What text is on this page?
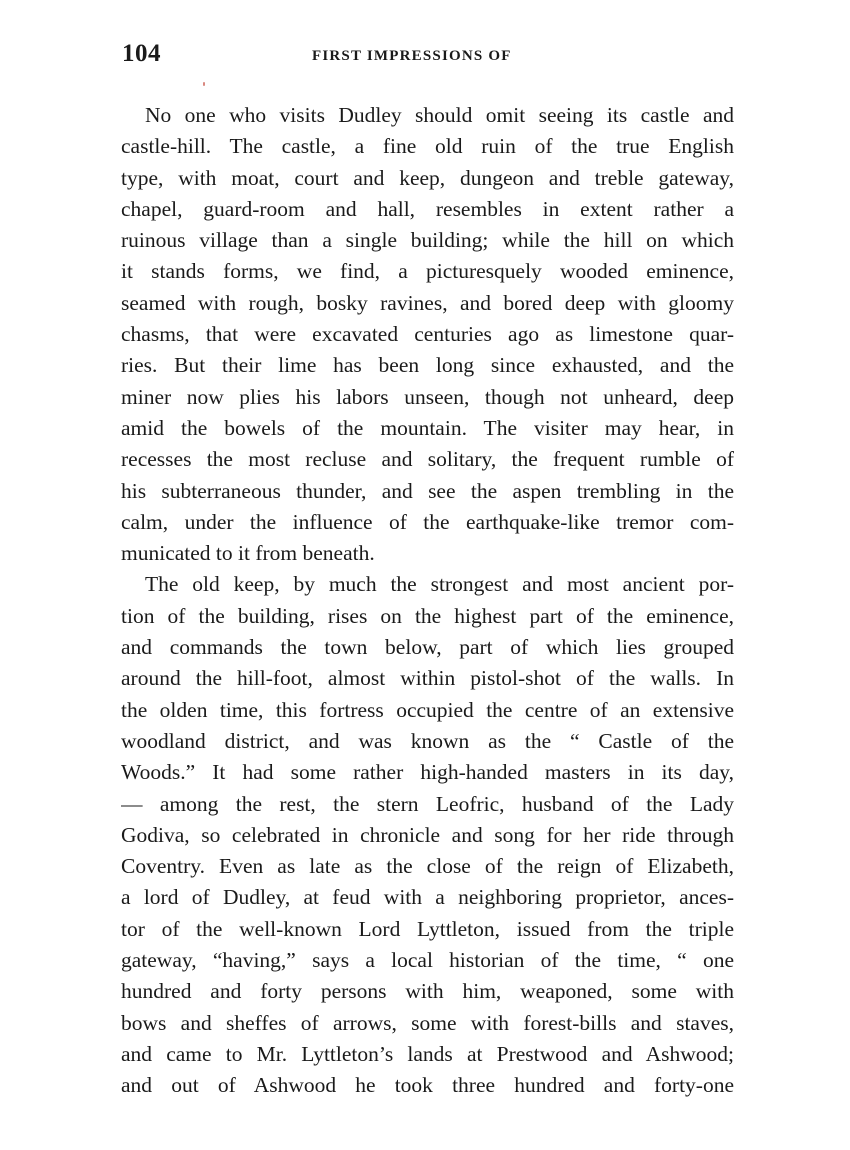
104	FIRST IMPRESSIONS OF
No one who visits Dudley should omit seeing its castle and
castle-hill. The castle, a fine old ruin of the true English
type, with moat, court and keep, dungeon and treble gateway,
chapel, guard-room and hall, resembles in extent rather a
ruinous village than a single building; while the hill on which
it stands forms, we find, a picturesquely wooded eminence,
seamed with rough, bosky ravines, and bored deep with gloomy
chasms, that were excavated centuries ago as limestone quar-
ries. But their lime has been long since exhausted, and the
miner now plies his labors unseen, though not unheard, deep
amid the bowels of the mountain. The visiter may hear, in
recesses the most recluse and solitary, the frequent rumble of
his subterraneous thunder, and see the aspen trembling in the
calm, under the influence of the earthquake-like tremor com-
municated to it from beneath.
The old keep, by much the strongest and most ancient por-
tion of the building, rises on the highest part of the eminence,
and commands the town below, part of which lies grouped
around the hill-foot, almost within pistol-shot of the walls. In
the olden time, this fortress occupied the centre of an extensive
woodland district, and was known as the “ Castle of the
Woods.” It had some rather high-handed masters in its day,
— among the rest, the stern Leofric, husband of the Lady
Godiva, so celebrated in chronicle and song for her ride through
Coventry. Even as late as the close of the reign of Elizabeth,
a lord of Dudley, at feud with a neighboring proprietor, ances-
tor of the well-known Lord Lyttleton, issued from the triple
gateway, “having,” says a local historian of the time, “ one
hundred and forty persons with him, weaponed, some with
bows and sheffes of arrows, some with forest-bills and staves,
and came to Mr. Lyttleton’s lands at Prestwood and Ashwood;
and out of Ashwood he took three hundred and forty-one
